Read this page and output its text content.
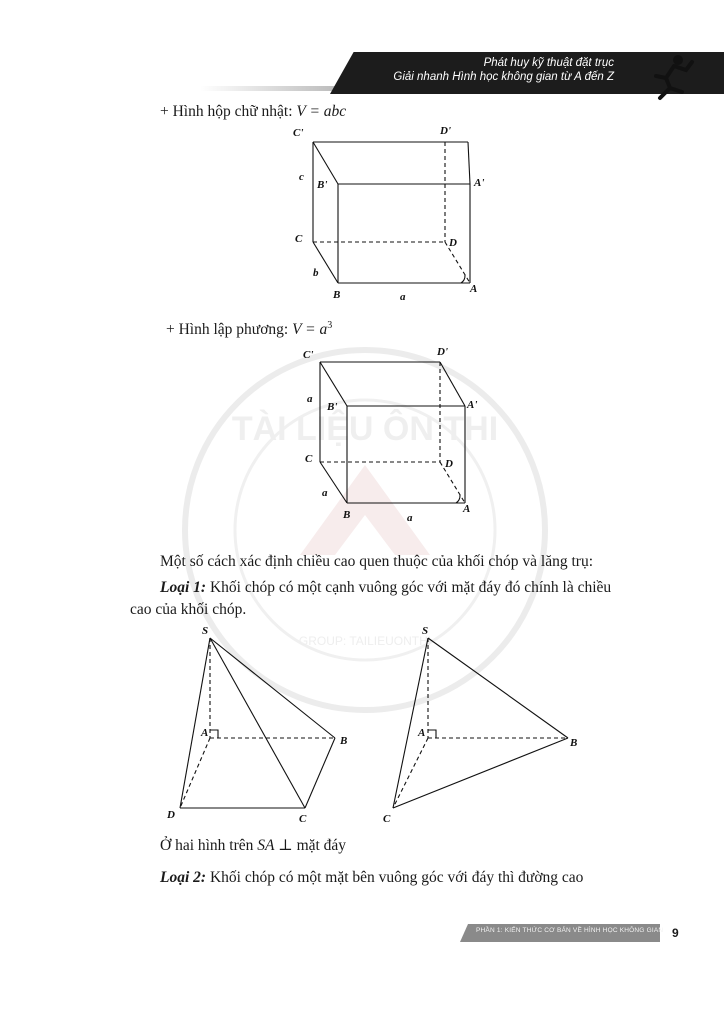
Phát huy kỹ thuật đặt trục
Giải nhanh Hình học không gian từ A đến Z
TÀI LIỆU ÔN THI
GROUP: TAILIEUONTHI
+ Hình hộp chữ nhật: V = abc
C'	D'
B'	A'
C	D
B	A
c
b
a
+ Hình lập phương: $V = a^3$
C'	D'
B'	A'
C	D
B	A
a
a
a
Một số cách xác định chiều cao quen thuộc của khối chóp và lăng trụ:
Loại 1: Khối chóp có một cạnh vuông góc với mặt đáy đó chính là chiều
cao của khối chóp.
S
A
B
C
D
S
A
B
C
Ở hai hình trên SA ⊥ mặt đáy
Loại 2: Khối chóp có một mặt bên vuông góc với đáy thì đường cao
PHẦN 1: KIẾN THỨC CƠ BẢN VỀ HÌNH HỌC KHÔNG GIAN 9
